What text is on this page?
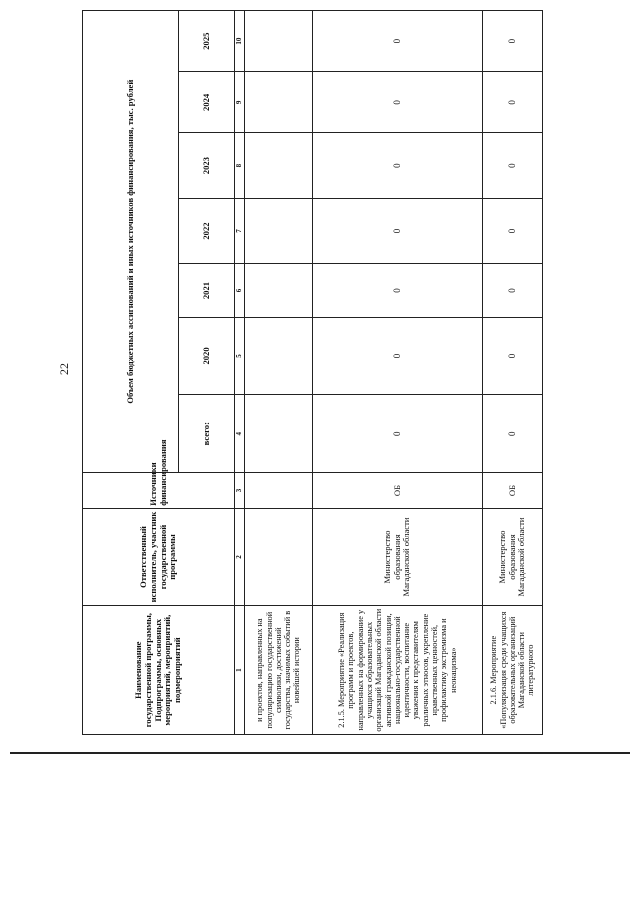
22
Наименование государственной программы, Подпрограммы, основных мероприятий, мероприятий, подмероприятий	Ответственный исполнитель, участник государственной программы	Источники финансирования	Объем бюджетных ассигнований и иных источников финансирования, тыс. рублей						
			всего:	2020	2021	2022	2023	2024	2025
1	2	3	4	5	6	7	8	9	10
и проектов, направленных на популяризацию государственной символики, достижений государства, значимых событий в новейшей истории									
2.1.5. Мероприятие «Реализация программ и проектов, направленных на формирование у учащихся образовательных организаций Магаданской области активной гражданской позиции, национально-государственной идентичности, воспитание уважения к представителям различных этносов, укрепление нравственных ценностей, профилактику экстремизма и неонацизма»	Министерство образования Магаданской области	ОБ	0	0	0	0	0	0	0
2.1.6. Мероприятие «Популяризация среди учащихся образовательных организаций Магаданской области литературного	Министерство образования Магаданской области	ОБ	0	0	0	0	0	0	0
